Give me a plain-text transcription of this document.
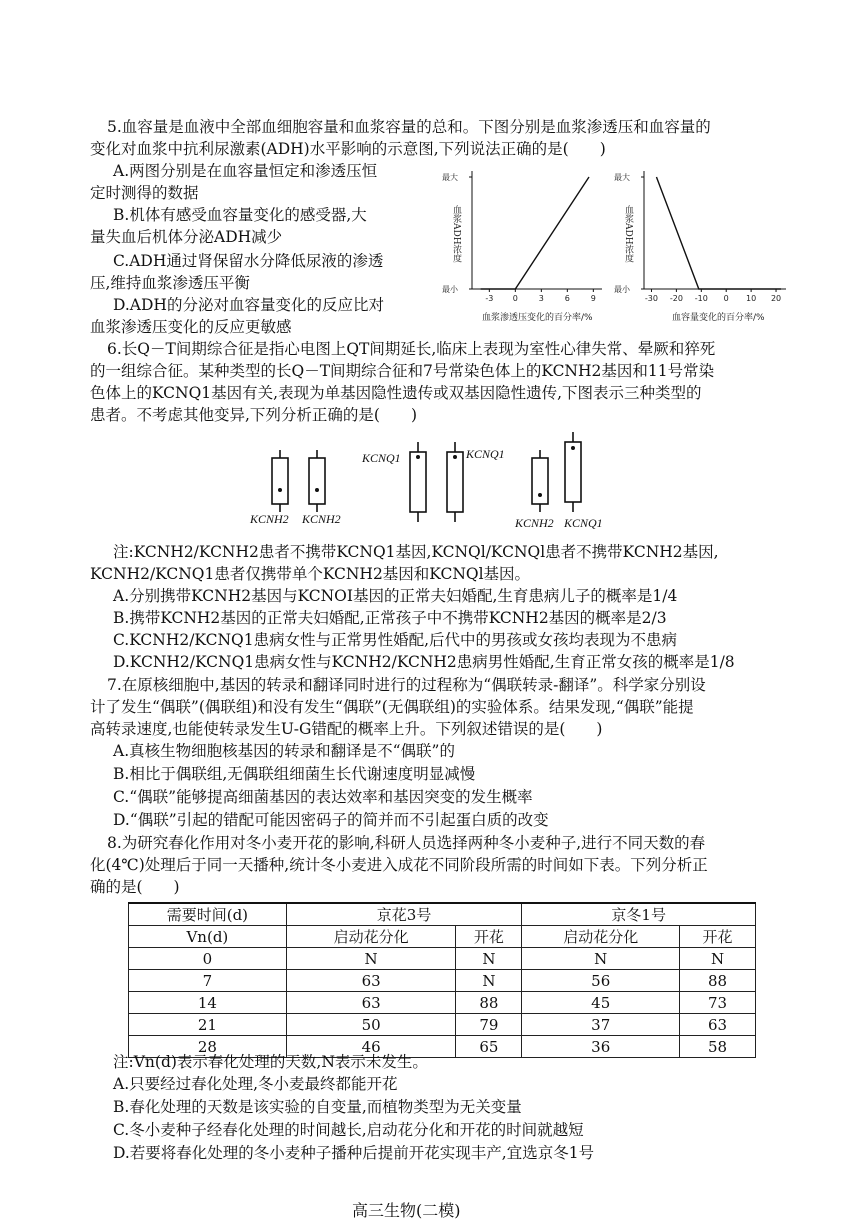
5.血容量是血液中全部血细胞容量和血浆容量的总和。下图分别是血浆渗透压和血容量的
变化对血浆中抗利尿激素(ADH)水平影响的示意图,下列说法正确的是(　　)
A.两图分别是在血容量恒定和渗透压恒
定时测得的数据
B.机体有感受血容量变化的感受器,大
量失血后机体分泌ADH减少
C.ADH通过肾保留水分降低尿液的渗透
压,维持血浆渗透压平衡
D.ADH的分泌对血容量变化的反应比对
血浆渗透压变化的反应更敏感
血浆ADH浓度
最大
最小
-3 0	3	6	9
血浆渗透压变化的百分率/%
血浆ADH浓度
最大
最小
-30 -20 -10 0 10 20
血容量变化的百分率/%
6.长Q－T间期综合征是指心电图上QT间期延长,临床上表现为室性心律失常、晕厥和猝死
的一组综合征。某种类型的长Q－T间期综合征和7号常染色体上的KCNH2基因和11号常染
色体上的KCNQ1基因有关,表现为单基因隐性遗传或双基因隐性遗传,下图表示三种类型的
患者。不考虑其他变异,下列分析正确的是(　　)
KCNH2 KCNH2
KCNQ1	KCNQ1
KCNH2 KCNQ1
注:KCNH2/KCNH2患者不携带KCNQ1基因,KCNQl/KCNQl患者不携带KCNH2基因,
KCNH2/KCNQ1患者仅携带单个KCNH2基因和KCNQl基因。
A.分别携带KCNH2基因与KCNOI基因的正常夫妇婚配,生育患病儿子的概率是1/4
B.携带KCNH2基因的正常夫妇婚配,正常孩子中不携带KCNH2基因的概率是2/3
C.KCNH2/KCNQ1患病女性与正常男性婚配,后代中的男孩或女孩均表现为不患病
D.KCNH2/KCNQ1患病女性与KCNH2/KCNH2患病男性婚配,生育正常女孩的概率是1/8
7.在原核细胞中,基因的转录和翻译同时进行的过程称为“偶联转录-翻译”。科学家分别设
计了发生“偶联”(偶联组)和没有发生“偶联”(无偶联组)的实验体系。结果发现,“偶联”能提
高转录速度,也能使转录发生U-G错配的概率上升。下列叙述错误的是(　　)
A.真核生物细胞核基因的转录和翻译是不“偶联”的
B.相比于偶联组,无偶联组细菌生长代谢速度明显减慢
C.“偶联”能够提高细菌基因的表达效率和基因突变的发生概率
D.“偶联”引起的错配可能因密码子的简并而不引起蛋白质的改变
8.为研究春化作用对冬小麦开花的影响,科研人员选择两种冬小麦种子,进行不同天数的春
化(4℃)处理后于同一天播种,统计冬小麦进入成花不同阶段所需的时间如下表。下列分析正
确的是(　　)
需要时间(d)	京花3号		京冬1号	
Vn(d)	启动花分化	开花	启动花分化	开花
0	N	N	N	N
7	63	N	56	88
14	63	88	45	73
21	50	79	37	63
28	46	65	36	58
注:Vn(d)表示春化处理的天数,N表示未发生。
A.只要经过春化处理,冬小麦最终都能开花
B.春化处理的天数是该实验的自变量,而植物类型为无关变量
C.冬小麦种子经春化处理的时间越长,启动花分化和开花的时间就越短
D.若要将春化处理的冬小麦种子播种后提前开花实现丰产,宜选京冬1号
高三生物(二模)
